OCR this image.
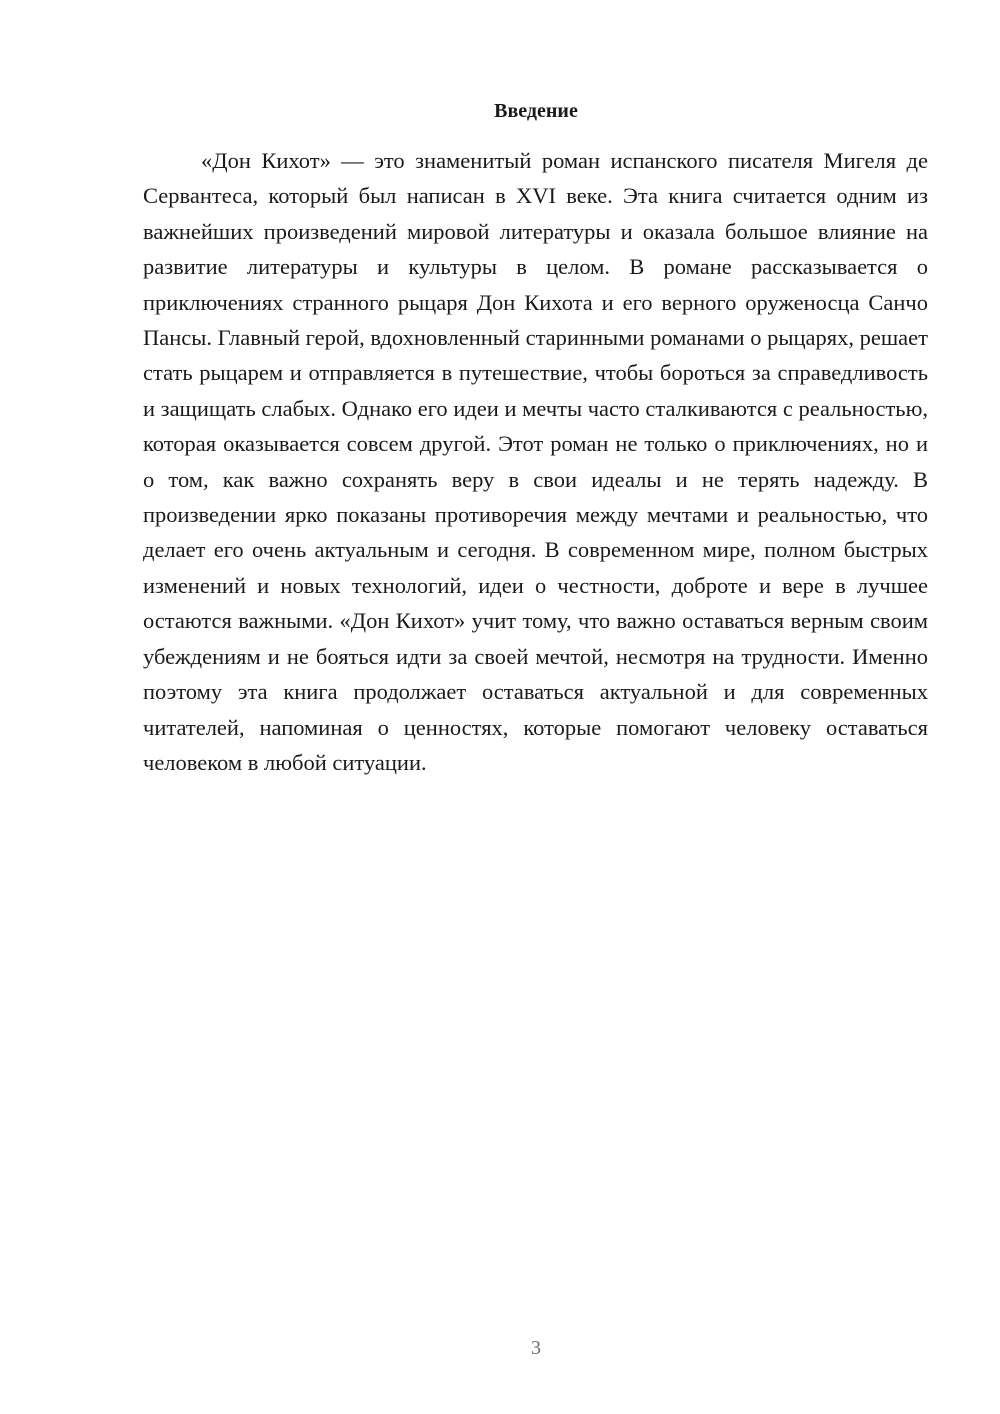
Введение

«Дон Кихот» — это знаменитый роман испанского писателя Мигеля де Сервантеса, который был написан в XVI веке. Эта книга считается одним из важнейших произведений мировой литературы и оказала большое влияние на развитие литературы и культуры в целом. В романе рассказывается о приключениях странного рыцаря Дон Кихота и его верного оруженосца Санчо Пансы. Главный герой, вдохновленный старинными романами о рыцарях, решает стать рыцарем и отправляется в путешествие, чтобы бороться за справедливость и защищать слабых. Однако его идеи и мечты часто сталкиваются с реальностью, которая оказывается совсем другой. Этот роман не только о приключениях, но и о том, как важно сохранять веру в свои идеалы и не терять надежду. В произведении ярко показаны противоречия между мечтами и реальностью, что делает его очень актуальным и сегодня. В современном мире, полном быстрых изменений и новых технологий, идеи о честности, доброте и вере в лучшее остаются важными. «Дон Кихот» учит тому, что важно оставаться верным своим убеждениям и не бояться идти за своей мечтой, несмотря на трудности. Именно поэтому эта книга продолжает оставаться актуальной и для современных читателей, напоминая о ценностях, которые помогают человеку оставаться человеком в любой ситуации.

3
